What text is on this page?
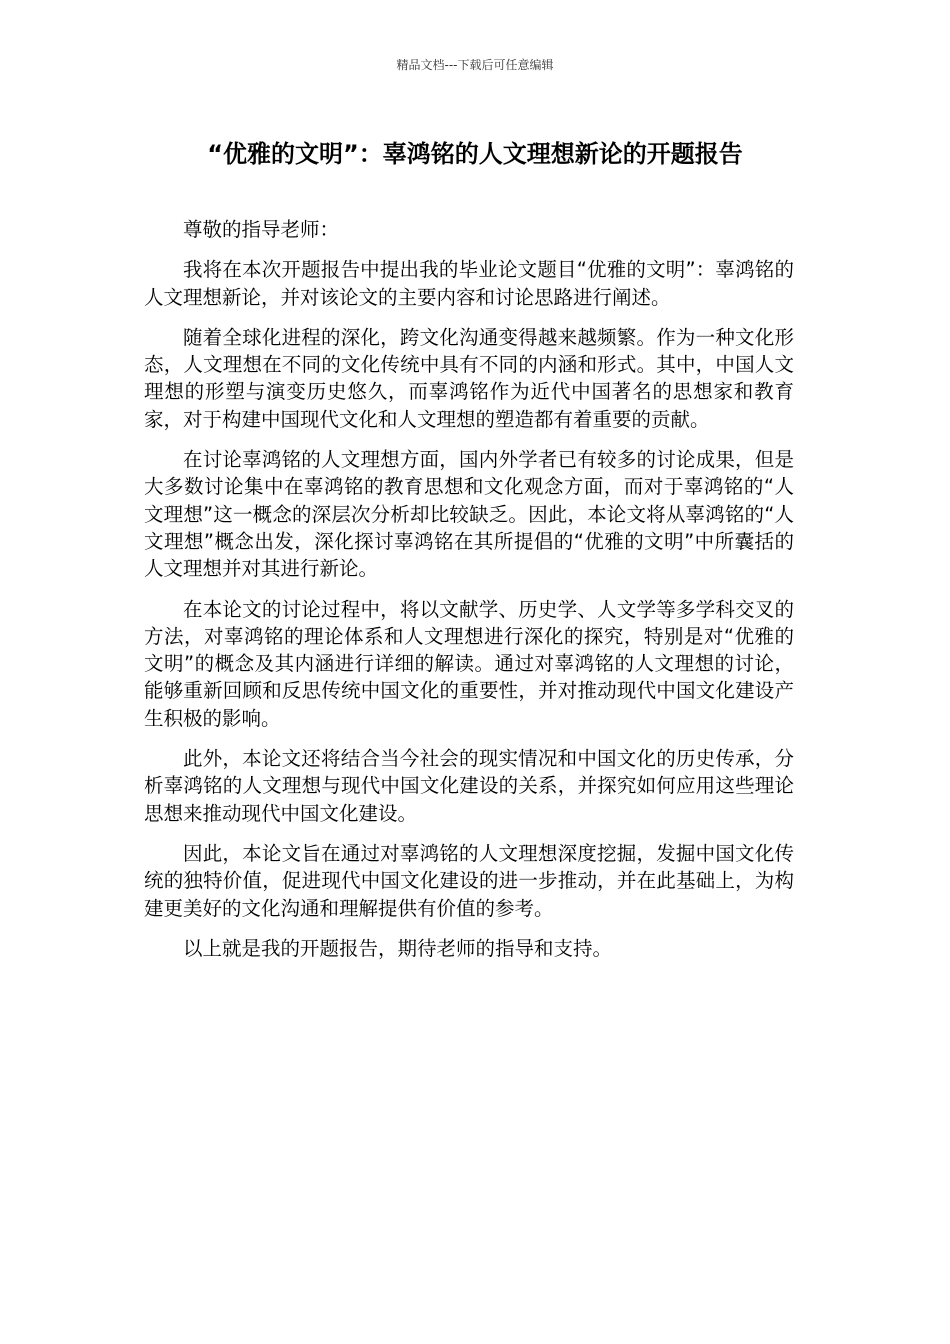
精品文档---下载后可任意编辑
“优雅的文明”：辜鸿铭的人文理想新论的开题报告

尊敬的指导老师：

我将在本次开题报告中提出我的毕业论文题目“优雅的文明”：辜鸿铭的人文理想新论，并对该论文的主要内容和讨论思路进行阐述。

随着全球化进程的深化，跨文化沟通变得越来越频繁。作为一种文化形态，人文理想在不同的文化传统中具有不同的内涵和形式。其中，中国人文理想的形塑与演变历史悠久，而辜鸿铭作为近代中国著名的思想家和教育家，对于构建中国现代文化和人文理想的塑造都有着重要的贡献。

在讨论辜鸿铭的人文理想方面，国内外学者已有较多的讨论成果，但是大多数讨论集中在辜鸿铭的教育思想和文化观念方面，而对于辜鸿铭的“人文理想”这一概念的深层次分析却比较缺乏。因此，本论文将从辜鸿铭的“人文理想”概念出发，深化探讨辜鸿铭在其所提倡的“优雅的文明”中所囊括的人文理想并对其进行新论。

在本论文的讨论过程中，将以文献学、历史学、人文学等多学科交叉的方法，对辜鸿铭的理论体系和人文理想进行深化的探究，特别是对“优雅的文明”的概念及其内涵进行详细的解读。通过对辜鸿铭的人文理想的讨论，能够重新回顾和反思传统中国文化的重要性，并对推动现代中国文化建设产生积极的影响。

此外，本论文还将结合当今社会的现实情况和中国文化的历史传承，分析辜鸿铭的人文理想与现代中国文化建设的关系，并探究如何应用这些理论思想来推动现代中国文化建设。

因此，本论文旨在通过对辜鸿铭的人文理想深度挖掘，发掘中国文化传统的独特价值，促进现代中国文化建设的进一步推动，并在此基础上，为构建更美好的文化沟通和理解提供有价值的参考。

以上就是我的开题报告，期待老师的指导和支持。
